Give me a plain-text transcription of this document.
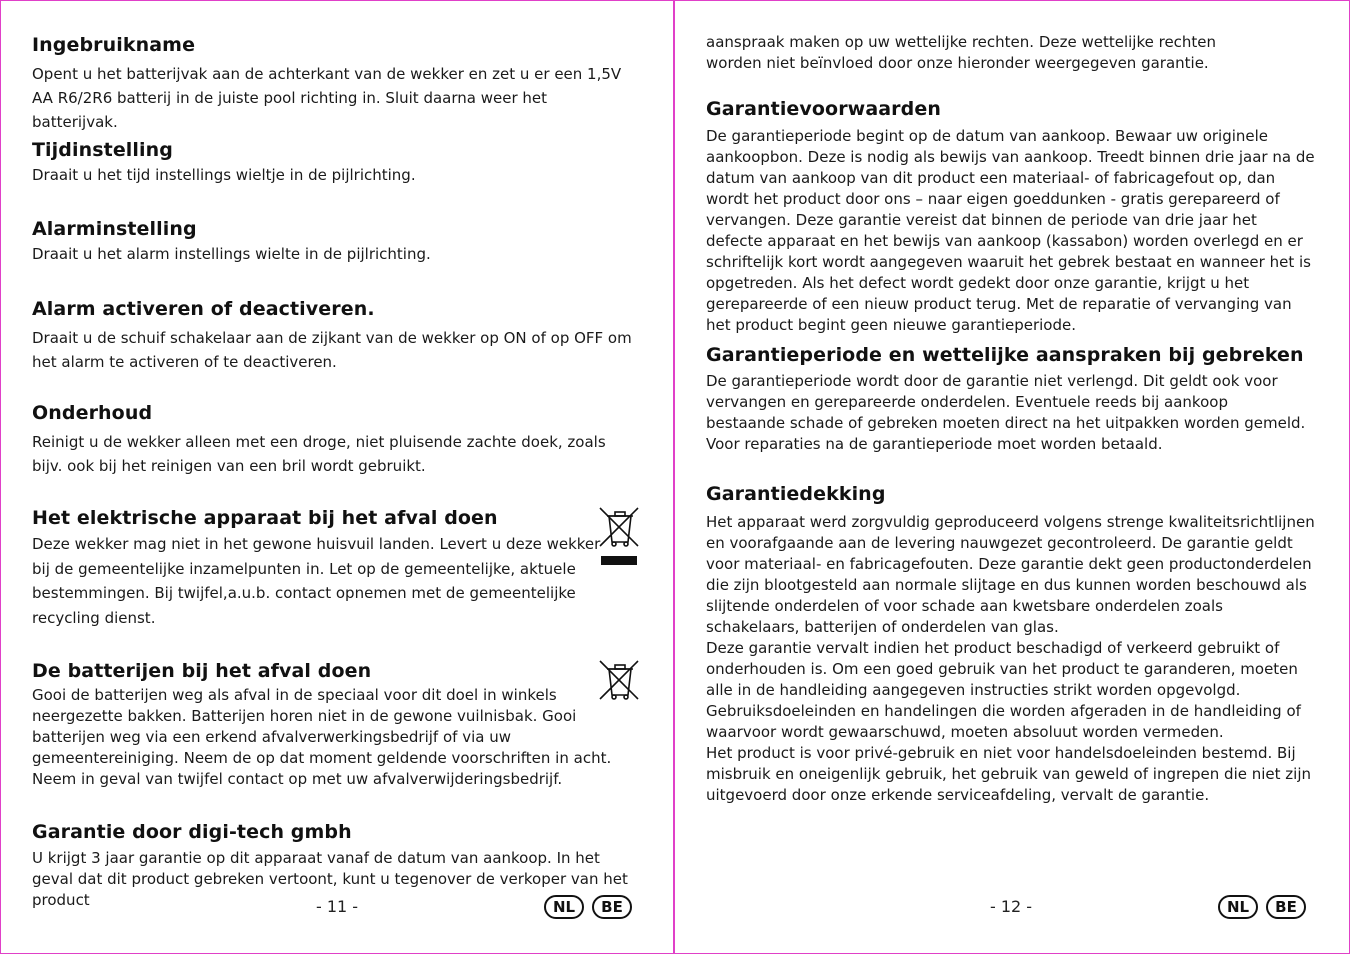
Ingebruikname

Opent u het batterijvak aan de achterkant van de wekker en zet u er een 1,5V AA R6/2R6 batterij in de juiste pool richting in. Sluit daarna weer het batterijvak.

Tijdinstelling

Draait u het tijd instellings wieltje in de pijlrichting.

Alarminstelling

Draait u het alarm instellings wielte in de pijlrichting.

Alarm activeren of deactiveren.

Draait u de schuif schakelaar aan de zijkant van de wekker op ON of op OFF om het alarm te activeren of te deactiveren.

Onderhoud

Reinigt u de wekker alleen met een droge, niet pluisende zachte doek, zoals bijv. ook bij het reinigen van een bril wordt gebruikt.

Het elektrische apparaat bij het afval doen

Deze wekker mag niet in het gewone huisvuil landen. Levert u deze wekker bij de gemeentelijke inzamelpunten in. Let op de gemeentelijke, aktuele bestemmingen. Bij twijfel,a.u.b. contact opnemen met de gemeentelijke recycling dienst.

De batterijen bij het afval doen

Gooi de batterijen weg als afval in de speciaal voor dit doel in winkels neergezette bakken. Batterijen horen niet in de gewone vuilnisbak. Gooi batterijen weg via een erkend afvalverwerkingsbedrijf of via uw gemeentereiniging. Neem de op dat moment geldende voorschriften in acht. Neem in geval van twijfel contact op met uw afvalverwijderingsbedrijf.

Garantie door digi-tech gmbh

U krijgt 3 jaar garantie op dit apparaat vanaf de datum van aankoop. In het geval dat dit product gebreken vertoont, kunt u tegenover de verkoper van het product	- 11 -	NL	BE

aanspraak maken op uw wettelijke rechten. Deze wettelijke rechten worden niet beïnvloed door onze hieronder weergegeven garantie.

Garantievoorwaarden

De garantieperiode begint op de datum van aankoop. Bewaar uw originele aankoopbon. Deze is nodig als bewijs van aankoop. Treedt binnen drie jaar na de datum van aankoop van dit product een materiaal- of fabricagefout op, dan wordt het product door ons – naar eigen goeddunken - gratis gerepareerd of vervangen. Deze garantie vereist dat binnen de periode van drie jaar het defecte apparaat en het bewijs van aankoop (kassabon) worden overlegd en er schriftelijk kort wordt aangegeven waaruit het gebrek bestaat en wanneer het is opgetreden. Als het defect wordt gedekt door onze garantie, krijgt u het gerepareerde of een nieuw product terug. Met de reparatie of vervanging van het product begint geen nieuwe garantieperiode.

Garantieperiode en wettelijke aanspraken bij gebreken

De garantieperiode wordt door de garantie niet verlengd. Dit geldt ook voor vervangen en gerepareerde onderdelen. Eventuele reeds bij aankoop bestaande schade of gebreken moeten direct na het uitpakken worden gemeld. Voor reparaties na de garantieperiode moet worden betaald.

Garantiedekking

Het apparaat werd zorgvuldig geproduceerd volgens strenge kwaliteitsrichtlijnen en voorafgaande aan de levering nauwgezet gecontroleerd. De garantie geldt voor materiaal- en fabricagefouten. Deze garantie dekt geen productonderdelen die zijn blootgesteld aan normale slijtage en dus kunnen worden beschouwd als slijtende onderdelen of voor schade aan kwetsbare onderdelen zoals schakelaars, batterijen of onderdelen van glas.

Deze garantie vervalt indien het product beschadigd of verkeerd gebruikt of onderhouden is. Om een goed gebruik van het product te garanderen, moeten alle in de handleiding aangegeven instructies strikt worden opgevolgd. Gebruiksdoeleinden en handelingen die worden afgeraden in de handleiding of waarvoor wordt gewaarschuwd, moeten absoluut worden vermeden.

Het product is voor privé-gebruik en niet voor handelsdoeleinden bestemd. Bij misbruik en oneigenlijk gebruik, het gebruik van geweld of ingrepen die niet zijn uitgevoerd door onze erkende serviceafdeling, vervalt de garantie.

- 12 -	NL	BE
